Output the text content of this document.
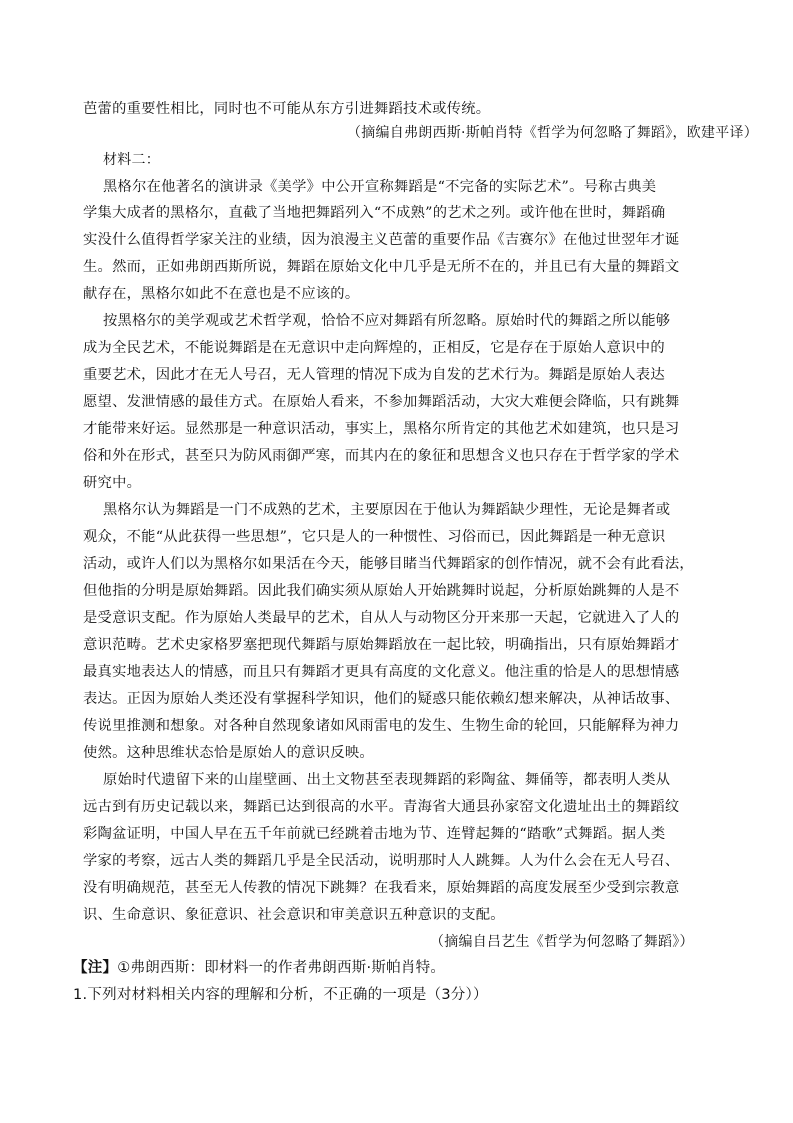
芭蕾的重要性相比，同时也不可能从东方引进舞蹈技术或传统。
（摘编自弗朗西斯·斯帕肖特《哲学为何忽略了舞蹈》，欧建平译）
材料二：
黑格尔在他著名的演讲录《美学》中公开宣称舞蹈是“不完备的实际艺术”。号称古典美
学集大成者的黑格尔，直截了当地把舞蹈列入“不成熟”的艺术之列。或许他在世时，舞蹈确
实没什么值得哲学家关注的业绩，因为浪漫主义芭蕾的重要作品《吉赛尔》在他过世翌年才诞
生。然而，正如弗朗西斯所说，舞蹈在原始文化中几乎是无所不在的，并且已有大量的舞蹈文
献存在，黑格尔如此不在意也是不应该的。
按黑格尔的美学观或艺术哲学观，恰恰不应对舞蹈有所忽略。原始时代的舞蹈之所以能够
成为全民艺术，不能说舞蹈是在无意识中走向辉煌的，正相反，它是存在于原始人意识中的
重要艺术，因此才在无人号召，无人管理的情况下成为自发的艺术行为。舞蹈是原始人表达
愿望、发泄情感的最佳方式。在原始人看来，不参加舞蹈活动，大灾大难便会降临，只有跳舞
才能带来好运。显然那是一种意识活动，事实上，黑格尔所肯定的其他艺术如建筑，也只是习
俗和外在形式，甚至只为防风雨御严寒，而其内在的象征和思想含义也只存在于哲学家的学术
研究中。
黑格尔认为舞蹈是一门不成熟的艺术，主要原因在于他认为舞蹈缺少理性，无论是舞者或
观众，不能“从此获得一些思想”，它只是人的一种惯性、习俗而已，因此舞蹈是一种无意识
活动，或许人们以为黑格尔如果活在今天，能够目睹当代舞蹈家的创作情况，就不会有此看法，
但他指的分明是原始舞蹈。因此我们确实须从原始人开始跳舞时说起，分析原始跳舞的人是不
是受意识支配。作为原始人类最早的艺术，自从人与动物区分开来那一天起，它就进入了人的
意识范畴。艺术史家格罗塞把现代舞蹈与原始舞蹈放在一起比较，明确指出，只有原始舞蹈才
最真实地表达人的情感，而且只有舞蹈才更具有高度的文化意义。他注重的恰是人的思想情感
表达。正因为原始人类还没有掌握科学知识，他们的疑惑只能依赖幻想来解决，从神话故事、
传说里推测和想象。对各种自然现象诸如风雨雷电的发生、生物生命的轮回，只能解释为神力
使然。这种思维状态恰是原始人的意识反映。
原始时代遗留下来的山崖壁画、出土文物甚至表现舞蹈的彩陶盆、舞俑等，都表明人类从
远古到有历史记载以来，舞蹈已达到很高的水平。青海省大通县孙家窑文化遗址出土的舞蹈纹
彩陶盆证明，中国人早在五千年前就已经跳着击地为节、连臂起舞的“踏歌”式舞蹈。据人类
学家的考察，远古人类的舞蹈几乎是全民活动，说明那时人人跳舞。人为什么会在无人号召、
没有明确规范，甚至无人传教的情况下跳舞？在我看来，原始舞蹈的高度发展至少受到宗教意
识、生命意识、象征意识、社会意识和审美意识五种意识的支配。
（摘编自吕艺生《哲学为何忽略了舞蹈》）
【注】①弗朗西斯：即材料一的作者弗朗西斯·斯帕肖特。
1.下列对材料相关内容的理解和分析，不正确的一项是（3分））
